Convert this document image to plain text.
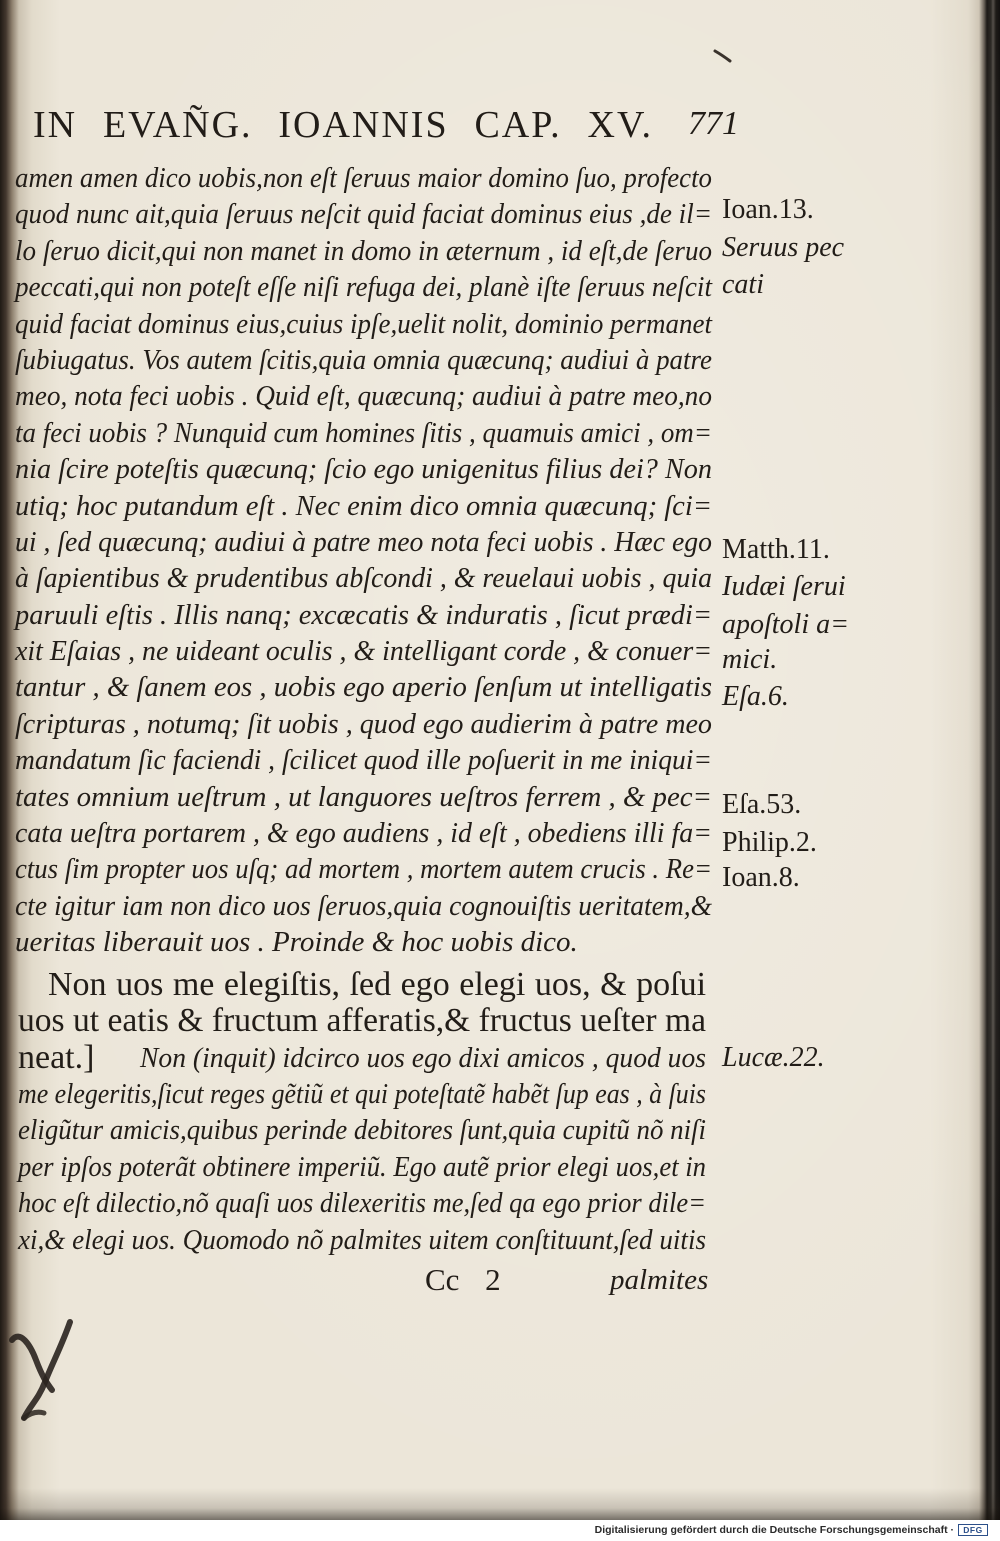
IN EVAÑG. IOANNIS CAP. XV. 771
amen amen dico uobis,non eſt ſeruus maior domino ſuo, profecto
quod nunc ait,quia ſeruus neſcit quid faciat dominus eius ,de il=
lo ſeruo dicit,qui non manet in domo in æternum , id eſt,de ſeruo
peccati,qui non poteſt eſſe niſi refuga dei, planè iſte ſeruus neſcit
quid faciat dominus eius,cuius ipſe,uelit nolit, dominio permanet
ſubiugatus. Vos autem ſcitis,quia omnia quæcunq; audiui à patre
meo, nota feci uobis . Quid eſt, quæcunq; audiui à patre meo,no
ta feci uobis ? Nunquid cum homines ſitis , quamuis amici , om=
nia ſcire poteſtis quæcunq; ſcio ego unigenitus filius dei? Non
utiq; hoc putandum eſt . Nec enim dico omnia quæcunq; ſci=
ui , ſed quæcunq; audiui à patre meo nota feci uobis . Hæc ego
à ſapientibus & prudentibus abſcondi , & reuelaui uobis , quia
paruuli eſtis . Illis nanq; excæcatis & induratis , ſicut prædi=
xit Eſaias , ne uideant oculis , & intelligant corde , & conuer=
tantur , & ſanem eos , uobis ego aperio ſenſum ut intelligatis
ſcripturas , notumq; ſit uobis , quod ego audierim à patre meo
mandatum ſic faciendi , ſcilicet quod ille poſuerit in me iniqui=
tates omnium ueſtrum , ut languores ueſtros ferrem , & pec=
cata ueſtra portarem , & ego audiens , id eſt , obediens illi fa=
ctus ſim propter uos uſq; ad mortem , mortem autem crucis . Re=
cte igitur iam non dico uos ſeruos,quia cognouiſtis ueritatem,&
ueritas liberauit uos . Proinde & hoc uobis dico.
Non uos me elegiſtis, ſed ego elegi uos, & poſui
uos ut eatis & fructum afferatis,& fructus ueſter ma
neat.] Non (inquit) idcirco uos ego dixi amicos , quod uos
me elegeritis,ſicut reges gẽtiũ et qui poteſtatẽ habẽt ſup eas , à ſuis
eligũtur amicis,quibus perinde debitores ſunt,quia cupitũ nõ niſi
per ipſos poterãt obtinere imperiũ. Ego autẽ prior elegi uos,et in
hoc eſt dilectio,nõ quaſi uos dilexeritis me,ſed qa ego prior dile=
xi,& elegi uos. Quomodo nõ palmites uitem conſtituunt,ſed uitis
Cc 2	palmites
Ioan.13.
Seruus pec
cati
Matth.11.
Iudæi ſerui
apoſtoli a=
mici.
Eſa.6.
Eſa.53.
Philip.2.
Ioan.8.
Lucæ.22.
Digitalisierung gefördert durch die Deutsche Forschungsgemeinschaft ·	DFG
